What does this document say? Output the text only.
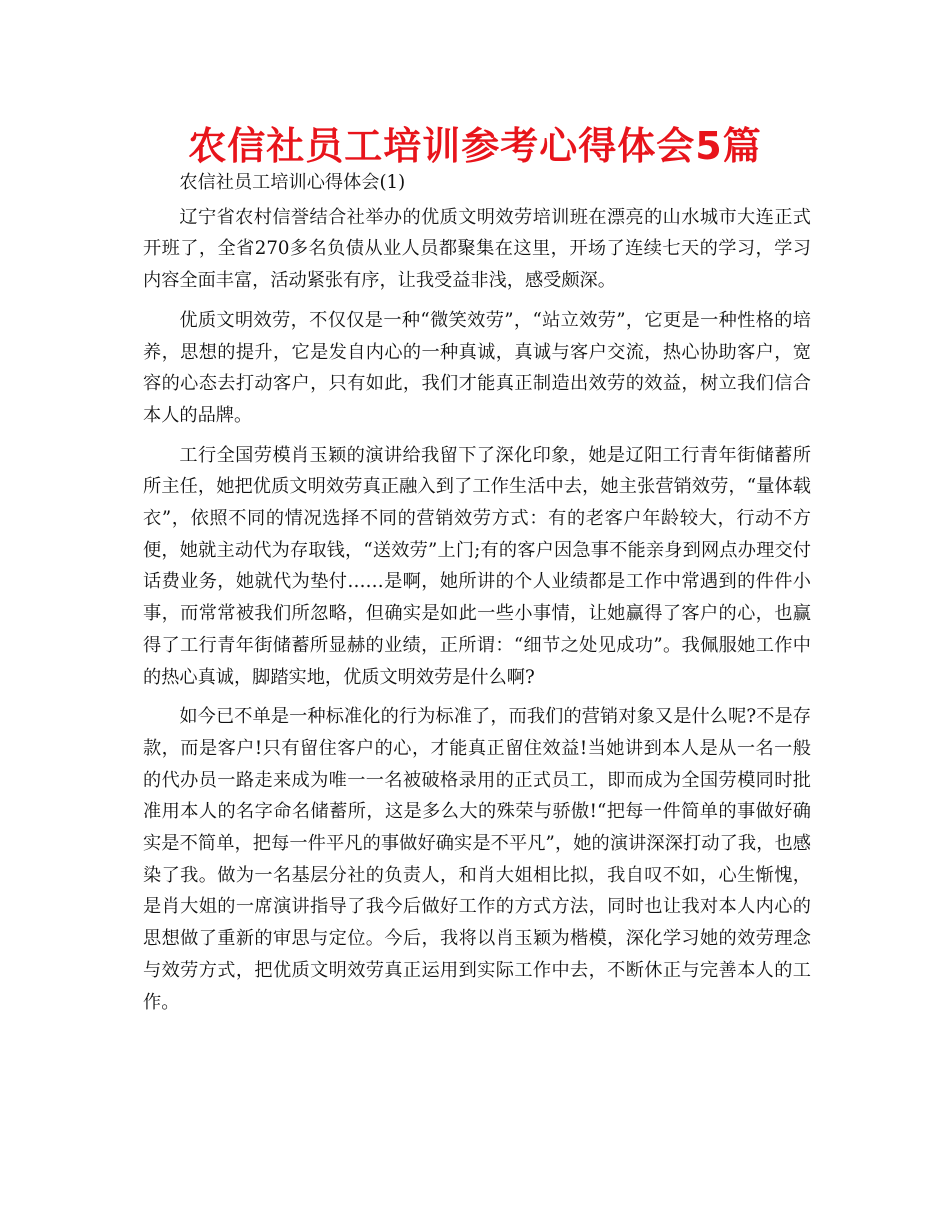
农信社员工培训参考心得体会5篇

农信社员工培训心得体会(1)

辽宁省农村信誉结合社举办的优质文明效劳培训班在漂亮的山水城市大连正式开班了，全省270多名负债从业人员都聚集在这里，开场了连续七天的学习，学习内容全面丰富，活动紧张有序，让我受益非浅，感受颇深。

优质文明效劳，不仅仅是一种“微笑效劳”，“站立效劳”，它更是一种性格的培养，思想的提升，它是发自内心的一种真诚，真诚与客户交流，热心协助客户，宽容的心态去打动客户，只有如此，我们才能真正制造出效劳的效益，树立我们信合本人的品牌。

工行全国劳模肖玉颖的演讲给我留下了深化印象，她是辽阳工行青年街储蓄所所主任，她把优质文明效劳真正融入到了工作生活中去，她主张营销效劳，“量体载衣”，依照不同的情况选择不同的营销效劳方式：有的老客户年龄较大，行动不方便，她就主动代为存取钱，“送效劳”上门;有的客户因急事不能亲身到网点办理交付话费业务，她就代为垫付……是啊，她所讲的个人业绩都是工作中常遇到的件件小事，而常常被我们所忽略，但确实是如此一些小事情，让她赢得了客户的心，也赢得了工行青年街储蓄所显赫的业绩，正所谓：“细节之处见成功”。我佩服她工作中的热心真诚，脚踏实地，优质文明效劳是什么啊?

如今已不单是一种标准化的行为标准了，而我们的营销对象又是什么呢?不是存款，而是客户!只有留住客户的心，才能真正留住效益!当她讲到本人是从一名一般的代办员一路走来成为唯一一名被破格录用的正式员工，即而成为全国劳模同时批准用本人的名字命名储蓄所，这是多么大的殊荣与骄傲!“把每一件简单的事做好确实是不简单，把每一件平凡的事做好确实是不平凡”，她的演讲深深打动了我，也感染了我。做为一名基层分社的负责人，和肖大姐相比拟，我自叹不如，心生惭愧，是肖大姐的一席演讲指导了我今后做好工作的方式方法，同时也让我对本人内心的思想做了重新的审思与定位。今后，我将以肖玉颖为楷模，深化学习她的效劳理念与效劳方式，把优质文明效劳真正运用到实际工作中去，不断休正与完善本人的工作。
